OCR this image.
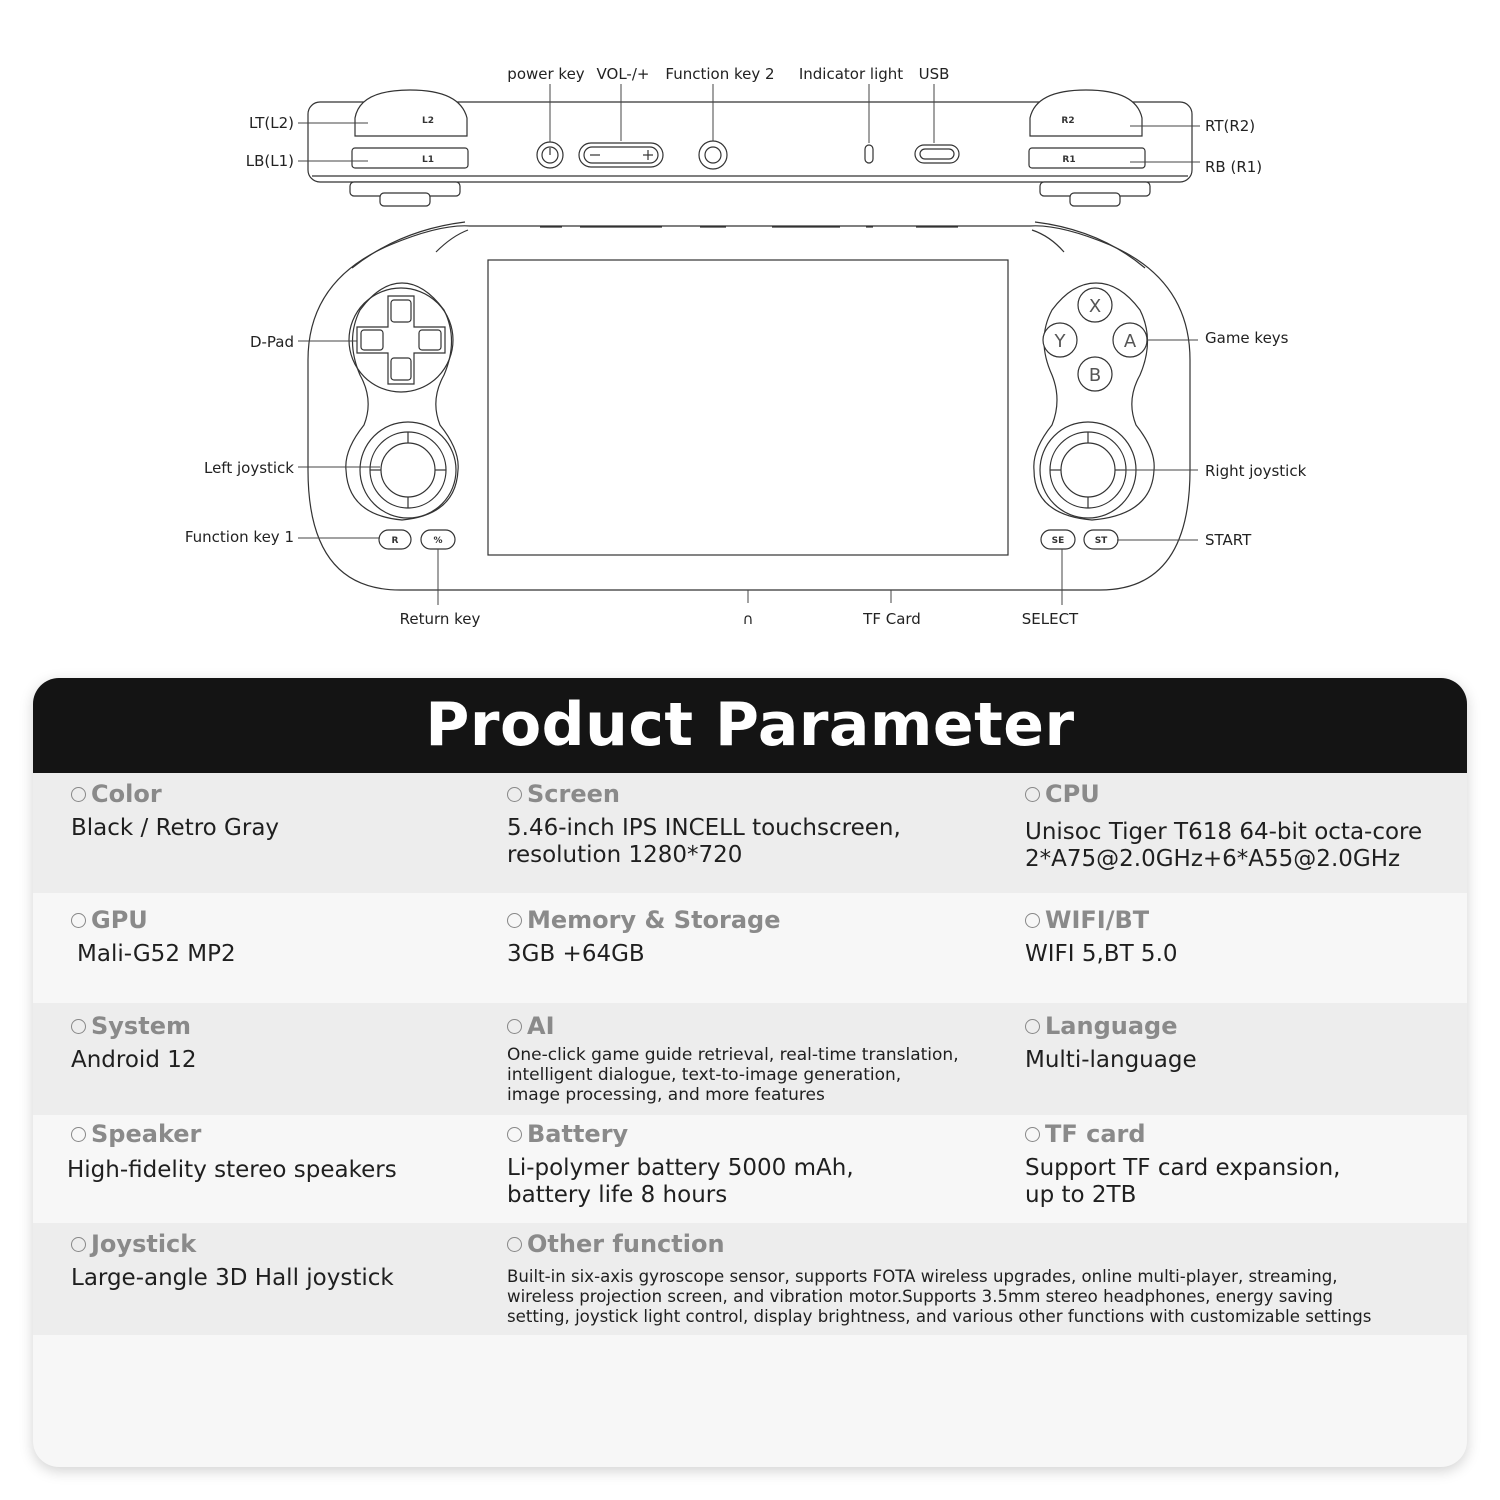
L2
L1
R2
R1
power key VOL-/+ Function key 2 Indicator light USB
LT(L2)
LB(L1)
RT(R2)
RB (R1)
R	%
X
Y	A
B
SE	ST
D-Pad
Left joystick
Function key 1
Return key	∩	TF Card	SELECT
START
Game keys
Right joystick
Product Parameter
Color
Black / Retro Gray
Screen
5.46-inch IPS INCELL touchscreen,
resolution 1280*720
CPU
Unisoc Tiger T618 64-bit octa-core
2*A75@2.0GHz+6*A55@2.0GHz
GPU
Mali-G52 MP2
Memory & Storage
3GB +64GB
WIFI/BT
WIFI 5,BT 5.0
System
Android 12
AI
One-click game guide retrieval, real-time translation,
intelligent dialogue, text-to-image generation,
image processing, and more features
Language
Multi-language
Speaker
High-fidelity stereo speakers
Battery
Li-polymer battery 5000 mAh,
battery life 8 hours
TF card
Support TF card expansion,
up to 2TB
Joystick
Large-angle 3D Hall joystick
Other function
Built-in six-axis gyroscope sensor, supports FOTA wireless upgrades, online multi-player, streaming,
wireless projection screen, and vibration motor.Supports 3.5mm stereo headphones, energy saving
setting, joystick light control, display brightness, and various other functions with customizable settings
